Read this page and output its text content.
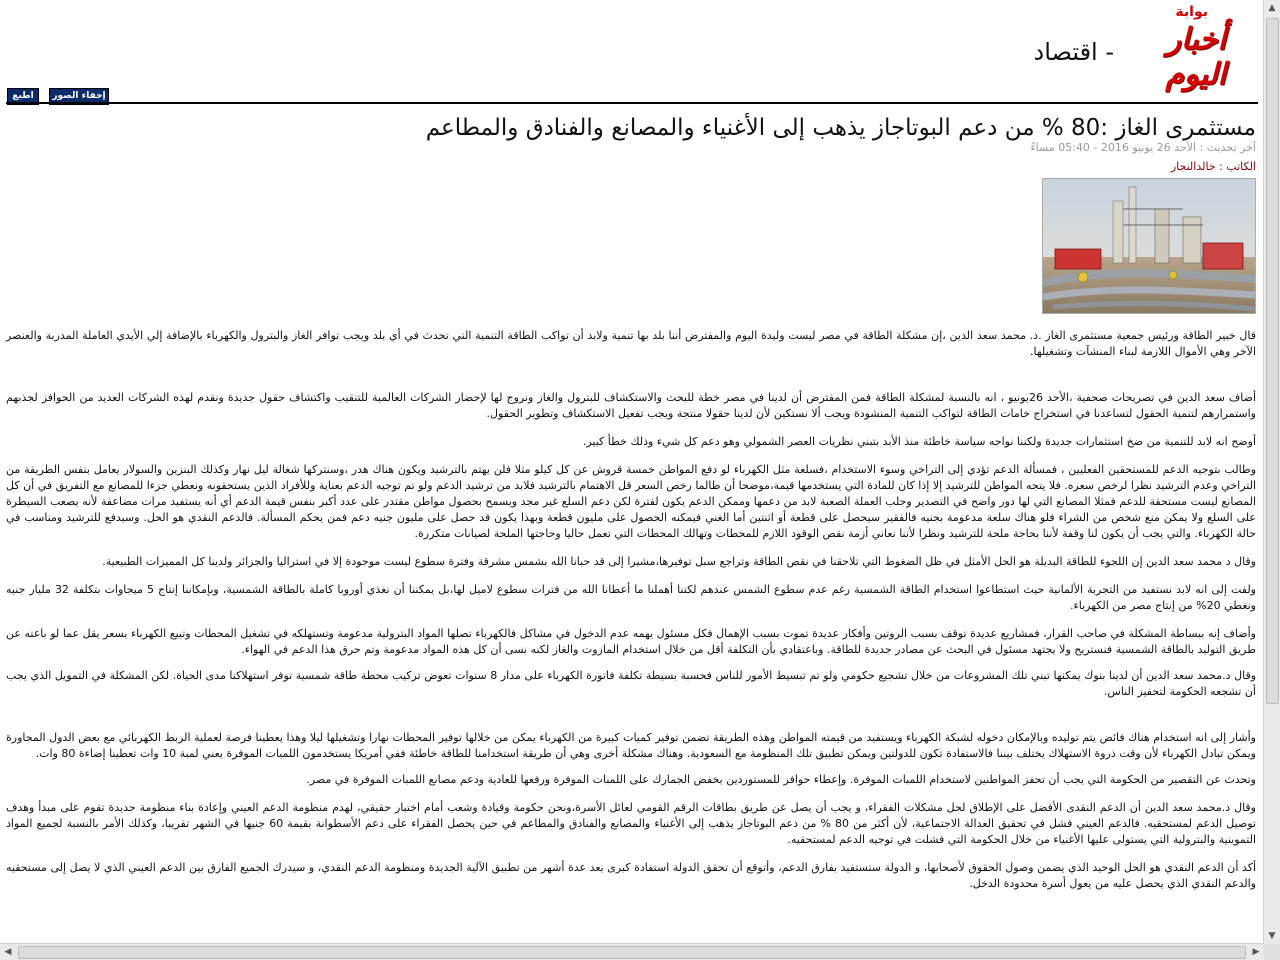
بوابة
أخبار اليوم
- اقتصاد
اطبع	إخفاء الصور
مستثمرى الغاز :80 % من دعم البوتاجاز يذهب إلى الأغنياء والمصانع والفنادق والمطاعم
آخر تحديث : الأحد 26 يونيو 2016 - 05:40 مساءً
الكاتب : خالدالنجار

قال خبير الطاقة ورئيس جمعية مستثمرى الغاز .د. محمد سعد الدين ،إن مشكلة الطاقة في مصر ليست وليدة اليوم والمفترض أننا بلد بها تنمية ولابد أن تواكب الطاقة التنمية التي تحدث في أي بلد ويجب توافر الغاز والبترول والكهرباء بالإضافة إلي الأيدي العاملة المدربة والعنصر الآخر وهي الأموال اللازمة لبناء المنشآت وتشغيلها.

أضاف سعد الدين في تصريحات صحفية ،الأحد 26يونيو ، انه بالنسبة لمشكلة الطاقة فمن المفترض أن لدينا في مصر خطة للبحث والاستكشاف للبترول والغاز ونروج لها لإحضار الشركات العالمية للتنقيب واكتشاف حقول جديدة ونقدم لهذه الشركات العديد من الحوافز لجذبهم واستمرارهم لتنمية الحقول لتساعدنا في استخراج خامات الطاقة لتواكب التنمية المنشودة ويجب ألا نستكين لأن لدينا حقولا منتجة ويجب تفعيل الاستكشاف وتطوير الحقول.

أوضح انه لابد للتنمية من ضخ استثمارات جديدة ولكننا نواجه سياسة خاطئة منذ الأبد بتبني نظريات العصر الشمولي وهو دعم كل شيء وذلك خطأ كبير.

وطالب بتوجيه الدعم للمستحقين الفعليين ، فمسألة الدعم تؤدي إلى التراخي وسوء الاستخدام ،فسلعة مثل الكهرباء لو دفع المواطن خمسة قروش عن كل كيلو مثلا فلن يهتم بالترشيد ويكون هناك هدر ،وسنتركها شغالة ليل نهار وكذلك البنزين والسولار يعامل بنفس الطريقة من التراخي وعدم الترشيد نظرا لرخص سعره. فلا يتجه المواطن للترشيد إلا إذا كان للمادة التي يستخدمها قيمة،موضحا أن طالما رخص السعر قل الاهتمام بالترشيد فلابد من ترشيد الدعم ولو تم توجيه الدعم بعناية وللأفراد الذين يستحقونه ونعطي جزءا للمصانع مع التفريق في أن كل المصانع ليست مستحقة للدعم فمثلا المصانع التي لها دور واضح في التصدير وجلب العملة الصعبة لابد من دعمها وممكن الدعم يكون لفترة لكن دعم السلع غير مجد ويسمح بحصول مواطن مقتدر على عدد أكبر بنفس قيمة الدعم أي أنه يستفيد مرات مضاعفة لأنه يصعب السيطرة على السلع ولا يمكن منع شخص من الشراء فلو هناك سلعة مدعومة بجنيه فالفقير سيحصل على قطعة أو اثنتين أما الغني فيمكنه الحصول على مليون قطعة وبهذا يكون قد حصل على مليون جنيه دعم فمن يحكم المسألة. فالدعم النقدي هو الحل. وسيدفع للترشيد ومناسب في حالة الكهرباء. والتي يجب أن يكون لنا وقفة لأننا بحاجة ملحة للترشيد ونظرا لأننا نعاني أزمة نقص الوقود اللازم للمحطات وتهالك المحطات التي تعمل حاليا وحاجتها الملحة لصيانات متكررة.

وقال د محمد سعد الدين إن اللجوء للطاقة البديلة هو الحل الأمثل في ظل الضغوط التي تلاحقنا في نقص الطاقة وتراجع سبل توفيرها،مشيرا إلى قد حبانا الله بشمس مشرقة وفترة سطوع ليست موجودة إلا في استراليا والجزائر ولدينا كل المميزات الطبيعية.

ولفت إلى انه لابد نستفيد من التجربة الألمانية حيث استطاعوا استخدام الطاقة الشمسية رغم عدم سطوع الشمس عندهم لكننا أهملنا ما أعطانا الله من فترات سطوع لاميل لها،بل يمكننا أن نغذي أوروبا كاملة بالطاقة الشمسية، وبإمكاننا إنتاج 5 ميجاوات بتكلفة 32 مليار جنيه ونغطي 20% من إنتاج مصر من الكهرباء.

وأضاف إنه ببساطة المشكلة في صاحب القرار، فمشاريع عديدة توقف بسبب الروتين وأفكار عديدة تموت بسبب الإهمال فكل مسئول يهمه عدم الدخول في مشاكل فالكهرباء تصلها المواد البترولية مدعومة وتستهلكه في تشغيل المحطات وتبيع الكهرباء بسعر يقل عما لو باعته عن طريق التوليد بالطاقة الشمسية فنستريح ولا يجتهد مسئول في البحث عن مصادر جديدة للطاقة. وباعتقادي بأن التكلفة أقل من خلال استخدام المازوت والغاز لكنه نسى أن كل هذه المواد مدعومة وتم حرق هذا الدعم في الهواء.

وقال د.محمد سعد الدين أن لدينا بنوك يمكنها تبني تلك المشروعات من خلال تشجيع حكومي ولو تم تبسيط الأمور للناس فحسبة بسيطة تكلفة فاتورة الكهرباء على مدار 8 سنوات تعوض تركيب محطة طاقة شمسية توفر استهلاكنا مدى الحياة. لكن المشكلة في التمويل الذي يجب أن تشجعه الحكومة لتحفيز الناس.

وأشار إلى انه استخدام هناك فائض يتم توليده وبالإمكان دخوله لشبكة الكهرباء ويستفيد من قيمته المواطن وهذه الطريقة تضمن توفير كميات كبيرة من الكهرباء يمكن من خلالها توفير المحطات نهارا وتشغيلها ليلا وهذا يعطينا فرصة لعملية الربط الكهربائي مع بعض الدول المجاورة ويمكن تبادل الكهرباء لأن وقت ذروة الاستهلاك يختلف بيننا فالاستفادة تكون للدولتين ويمكن تطبيق تلك المنظومة مع السعودية. وهناك مشكلة أخرى وهي أن طريقة استخدامنا للطاقة خاطئة ففي أمريكا يستخدمون اللمبات الموفرة يعني لمبة 10 وات تعطينا إضاءة 80 وات.

وتحدث عن التقصير من الحكومة التي يجب أن تحفز المواطنين لاستخدام اللمبات الموفرة. وإعطاء حوافز للمستوردين بخفض الجمارك على اللمبات الموفرة ورفعها للعادية ودعم مصانع اللمبات الموفرة في مصر.

وقال د.محمد سعد الدين أن الدعم النقدى الأفضل على الإطلاق لحل مشكلات الفقراء، و يجب أن يصل عن طريق بطاقات الرقم القومي لعائل الأسرة،ونحن حكومة وقيادة وشعب أمام اختبار حقيقي، لهدم منظومة الدعم العيني وإعادة بناء منظومة جديدة تقوم على مبدأ وهدف توصيل الدعم لمستحقيه. فالدعم العيني فشل في تحقيق العدالة الاجتماعية، لأن أكثر من 80 % من دعم البوتاجاز يذهب إلى الأغنياء والمصانع والفنادق والمطاعم في حين يحصل الفقراء على دعم الأسطوانة بقيمة 60 جنيها في الشهر تقريبا، وكذلك الأمر بالنسبة لجميع المواد التموينية والبترولية التي يستولى عليها الأغنياء من خلال الحكومة التي فشلت في توجيه الدعم لمستحقيه.

أكد أن الدعم النقدي هو الحل الوحيد الذي يضمن وصول الحقوق لأصحابها، و الدولة ستستفيد بفارق الدعم، وأتوقع أن تحقق الدولة استفادة كبرى بعد عدة أشهر من تطبيق الآلية الجديدة ومنظومة الدعم النقدي، و سيدرك الجميع الفارق بين الدعم العيني الذي لا يصل إلى مستحقيه والدعم النقدي الذي يحصل عليه من يعول أسرة محدودة الدخل.

▲
▼
◀	▶
